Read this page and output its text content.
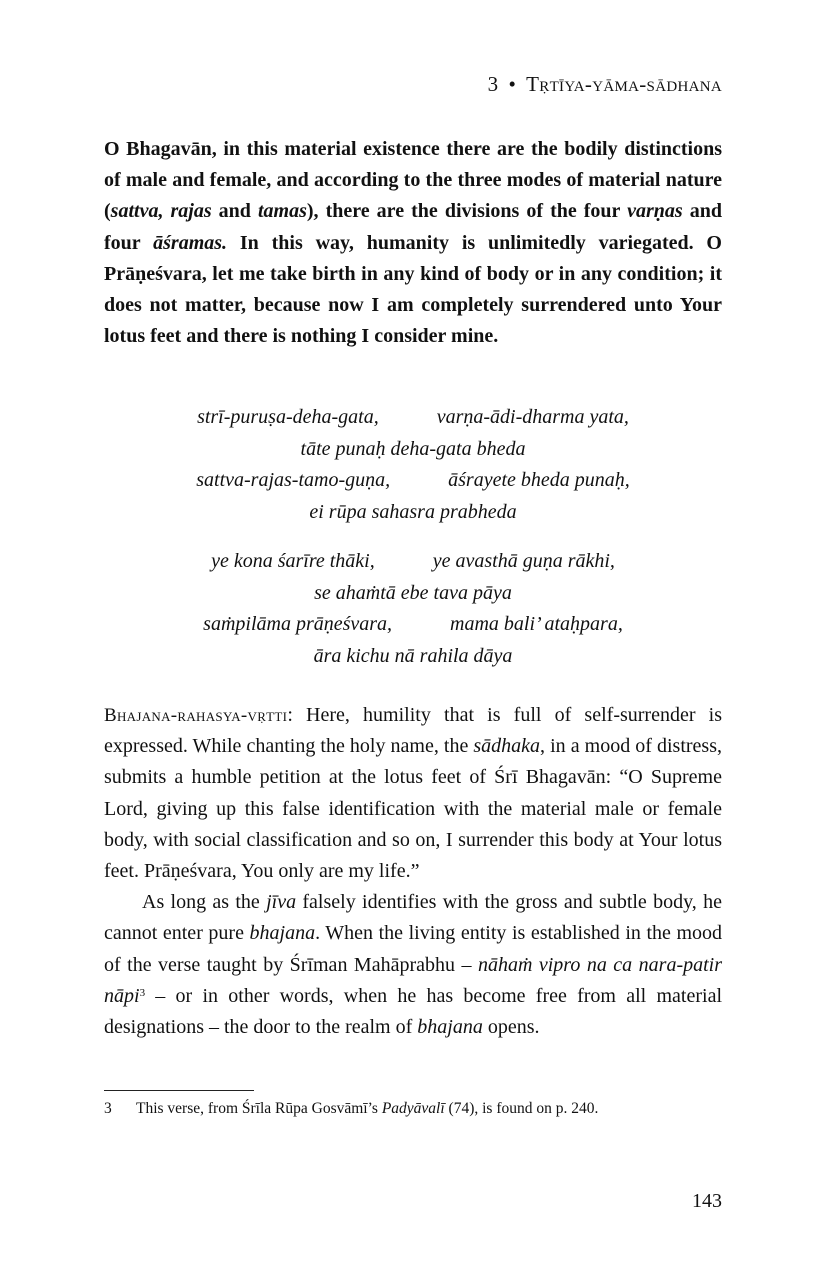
3 • Tṛtīya-yāma-sādhana
O Bhagavān, in this material existence there are the bodily distinctions of male and female, and according to the three modes of material nature (sattva, rajas and tamas), there are the divisions of the four varṇas and four āśramas. In this way, humanity is unlimitedly variegated. O Prāṇeśvara, let me take birth in any kind of body or in any condition; it does not matter, because now I am completely surrendered unto Your lotus feet and there is nothing I consider mine.
strī-puruṣa-deha-gata,	varṇa-ādi-dharma yata,
tāte punaḥ deha-gata bheda
sattva-rajas-tamo-guṇa,	āśrayete bheda punaḥ,
ei rūpa sahasra prabheda
ye kona śarīre thāki,	ye avasthā guṇa rākhi,
se ahaṁtā ebe tava pāya
saṁpilāma prāṇeśvara,	mama bali’ ataḥpara,
āra kichu nā rahila dāya

Bhajana-rahasya-vṛtti: Here, humility that is full of self-surrender is expressed. While chanting the holy name, the sādhaka, in a mood of distress, submits a humble petition at the lotus feet of Śrī Bhagavān: “O Supreme Lord, giving up this false identification with the material male or female body, with social classification and so on, I surrender this body at Your lotus feet. Prāṇeśvara, You only are my life.”

As long as the jīva falsely identifies with the gross and subtle body, he cannot enter pure bhajana. When the living entity is established in the mood of the verse taught by Śrīman Mahāprabhu – nāhaṁ vipro na ca nara-patir nāpi$^3$ – or in other words, when he has become free from all material designations – the door to the realm of bhajana opens.

3 This verse, from Śrīla Rūpa Gosvāmī’s Padyāvalī (74), is found on p. 240.
143
